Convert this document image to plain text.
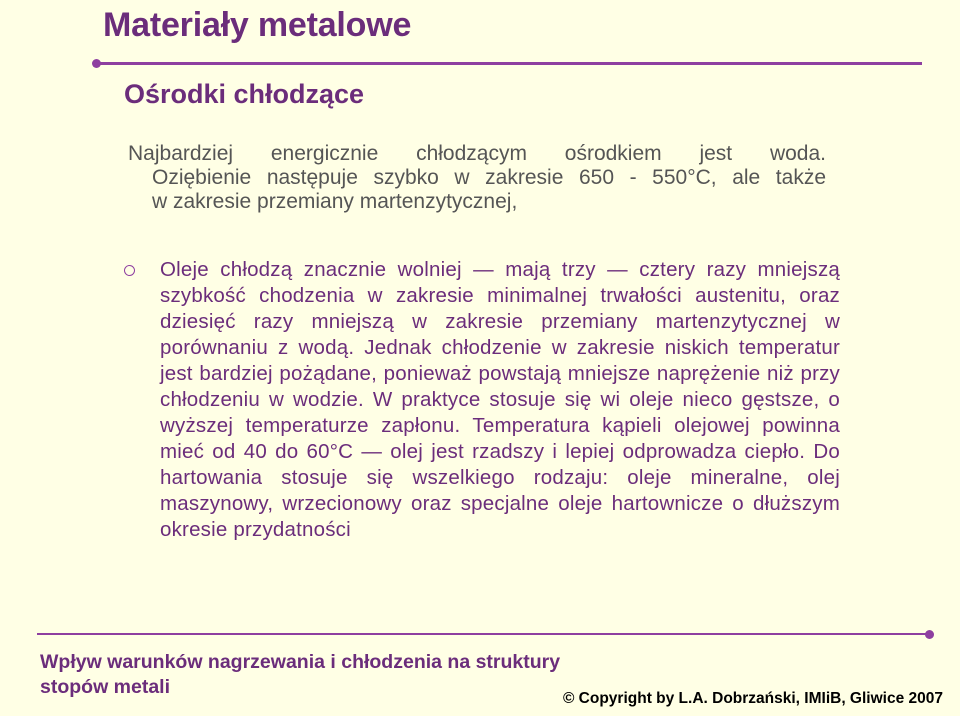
Materiały metalowe
Ośrodki chłodzące
Najbardziej energicznie chłodzącym ośrodkiem jest woda.
Oziębienie następuje szybko w zakresie 650 - 550°C, ale także
w zakresie przemiany martenzytycznej,
Oleje chłodzą znacznie wolniej — mają trzy — cztery razy mniejszą szybkość chodzenia w zakresie minimalnej trwałości austenitu, oraz dziesięć razy mniejszą w zakresie przemiany martenzytycznej w porównaniu z wodą. Jednak chłodzenie w zakresie niskich temperatur jest bardziej pożądane, ponieważ powstają mniejsze naprężenie niż przy chłodzeniu w wodzie. W praktyce stosuje się wi oleje nieco gęstsze, o wyższej temperaturze zapłonu. Temperatura kąpieli olejowej powinna mieć od 40 do 60°C — olej jest rzadszy i lepiej odprowadza ciepło. Do hartowania stosuje się wszelkiego rodzaju: oleje mineralne, olej maszynowy, wrzecionowy oraz specjalne oleje hartownicze o dłuższym okresie przydatności
Wpływ warunków nagrzewania i chłodzenia na struktury
stopów metali
© Copyright by L.A. Dobrzański, IMIiB, Gliwice 2007
